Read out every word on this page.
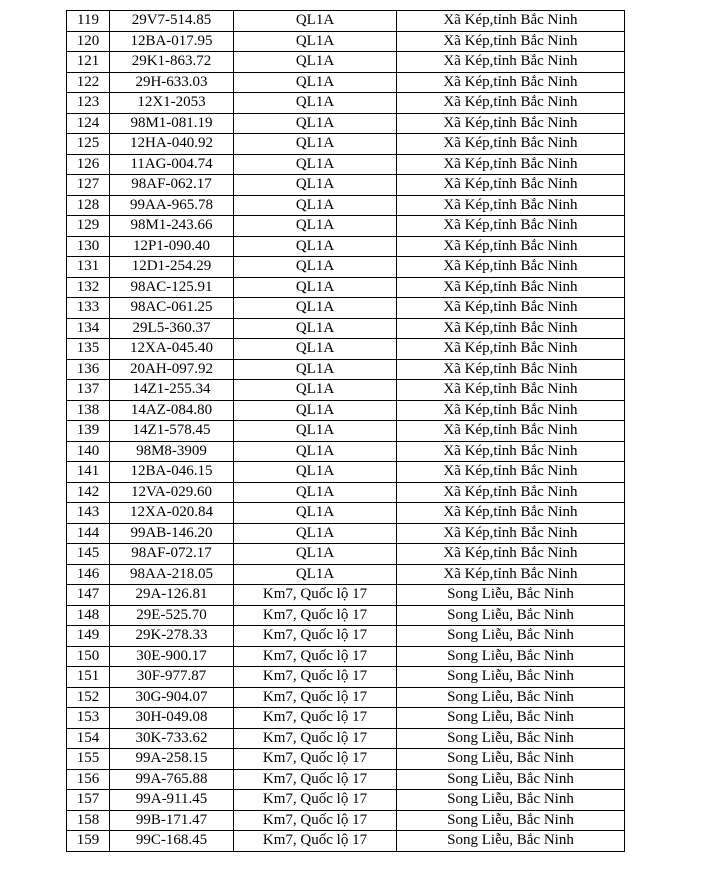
119	29V7-514.85	QL1A	Xã Kép,tỉnh Bắc Ninh
120	12BA-017.95	QL1A	Xã Kép,tỉnh Bắc Ninh
121	29K1-863.72	QL1A	Xã Kép,tỉnh Bắc Ninh
122	29H-633.03	QL1A	Xã Kép,tỉnh Bắc Ninh
123	12X1-2053	QL1A	Xã Kép,tỉnh Bắc Ninh
124	98M1-081.19	QL1A	Xã Kép,tỉnh Bắc Ninh
125	12HA-040.92	QL1A	Xã Kép,tỉnh Bắc Ninh
126	11AG-004.74	QL1A	Xã Kép,tỉnh Bắc Ninh
127	98AF-062.17	QL1A	Xã Kép,tỉnh Bắc Ninh
128	99AA-965.78	QL1A	Xã Kép,tỉnh Bắc Ninh
129	98M1-243.66	QL1A	Xã Kép,tỉnh Bắc Ninh
130	12P1-090.40	QL1A	Xã Kép,tỉnh Bắc Ninh
131	12D1-254.29	QL1A	Xã Kép,tỉnh Bắc Ninh
132	98AC-125.91	QL1A	Xã Kép,tỉnh Bắc Ninh
133	98AC-061.25	QL1A	Xã Kép,tỉnh Bắc Ninh
134	29L5-360.37	QL1A	Xã Kép,tỉnh Bắc Ninh
135	12XA-045.40	QL1A	Xã Kép,tỉnh Bắc Ninh
136	20AH-097.92	QL1A	Xã Kép,tỉnh Bắc Ninh
137	14Z1-255.34	QL1A	Xã Kép,tỉnh Bắc Ninh
138	14AZ-084.80	QL1A	Xã Kép,tỉnh Bắc Ninh
139	14Z1-578.45	QL1A	Xã Kép,tỉnh Bắc Ninh
140	98M8-3909	QL1A	Xã Kép,tỉnh Bắc Ninh
141	12BA-046.15	QL1A	Xã Kép,tỉnh Bắc Ninh
142	12VA-029.60	QL1A	Xã Kép,tỉnh Bắc Ninh
143	12XA-020.84	QL1A	Xã Kép,tỉnh Bắc Ninh
144	99AB-146.20	QL1A	Xã Kép,tỉnh Bắc Ninh
145	98AF-072.17	QL1A	Xã Kép,tỉnh Bắc Ninh
146	98AA-218.05	QL1A	Xã Kép,tỉnh Bắc Ninh
147	29A-126.81	Km7, Quốc lộ 17	Song Liễu, Bắc Ninh
148	29E-525.70	Km7, Quốc lộ 17	Song Liễu, Bắc Ninh
149	29K-278.33	Km7, Quốc lộ 17	Song Liễu, Bắc Ninh
150	30E-900.17	Km7, Quốc lộ 17	Song Liễu, Bắc Ninh
151	30F-977.87	Km7, Quốc lộ 17	Song Liễu, Bắc Ninh
152	30G-904.07	Km7, Quốc lộ 17	Song Liễu, Bắc Ninh
153	30H-049.08	Km7, Quốc lộ 17	Song Liễu, Bắc Ninh
154	30K-733.62	Km7, Quốc lộ 17	Song Liễu, Bắc Ninh
155	99A-258.15	Km7, Quốc lộ 17	Song Liễu, Bắc Ninh
156	99A-765.88	Km7, Quốc lộ 17	Song Liễu, Bắc Ninh
157	99A-911.45	Km7, Quốc lộ 17	Song Liễu, Bắc Ninh
158	99B-171.47	Km7, Quốc lộ 17	Song Liễu, Bắc Ninh
159	99C-168.45	Km7, Quốc lộ 17	Song Liễu, Bắc Ninh
